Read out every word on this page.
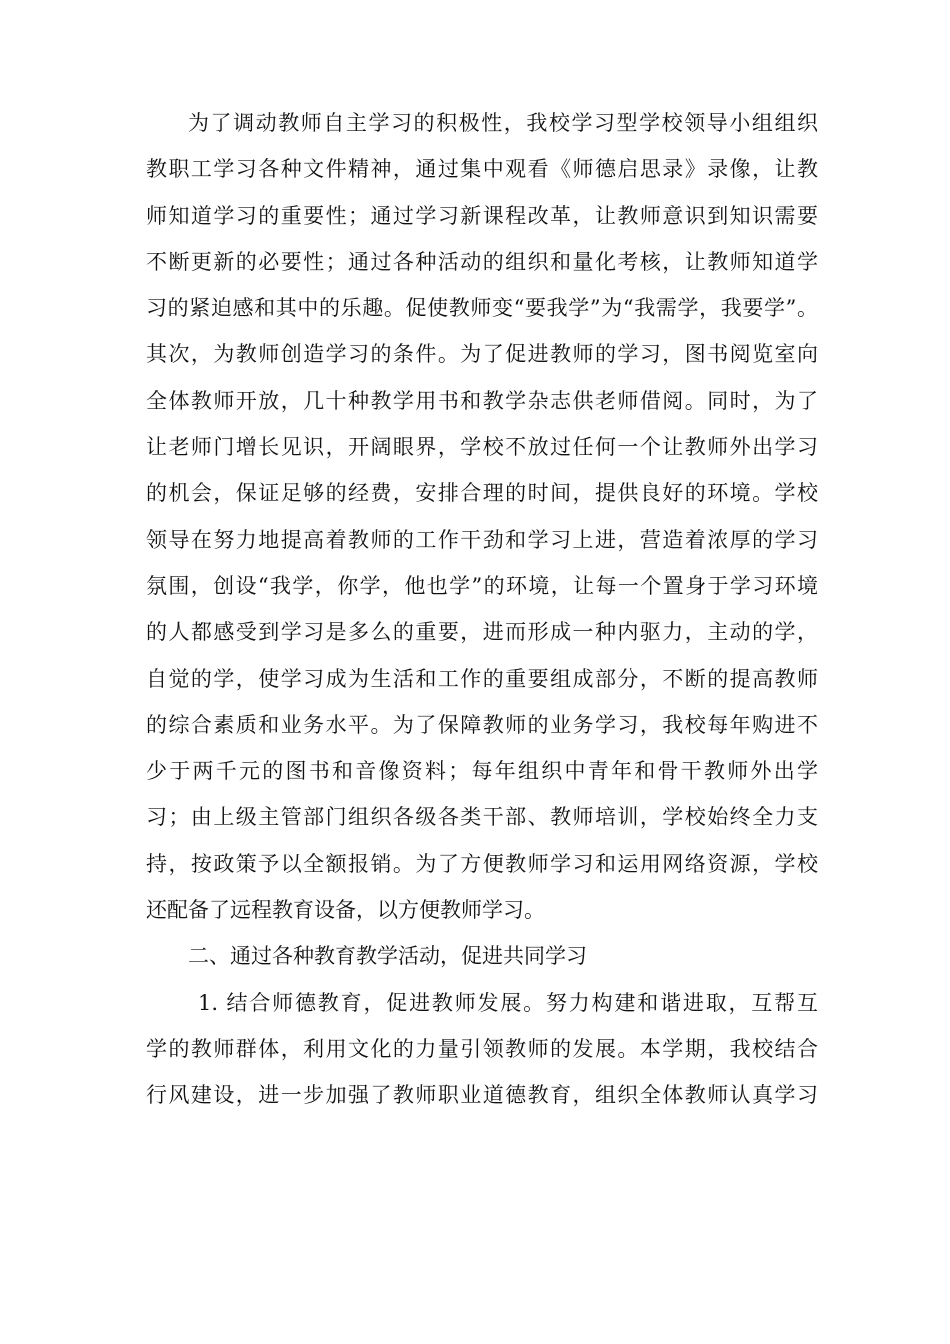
为了调动教师自主学习的积极性，我校学习型学校领导小组组织
教职工学习各种文件精神，通过集中观看《师德启思录》录像，让教
师知道学习的重要性；通过学习新课程改革，让教师意识到知识需要
不断更新的必要性；通过各种活动的组织和量化考核，让教师知道学
习的紧迫感和其中的乐趣。促使教师变“要我学”为“我需学，我要学”。
其次，为教师创造学习的条件。为了促进教师的学习，图书阅览室向
全体教师开放，几十种教学用书和教学杂志供老师借阅。同时，为了
让老师门增长见识，开阔眼界，学校不放过任何一个让教师外出学习
的机会，保证足够的经费，安排合理的时间，提供良好的环境。学校
领导在努力地提高着教师的工作干劲和学习上进，营造着浓厚的学习
氛围，创设“我学，你学，他也学”的环境，让每一个置身于学习环境
的人都感受到学习是多么的重要，进而形成一种内驱力，主动的学，
自觉的学，使学习成为生活和工作的重要组成部分，不断的提高教师
的综合素质和业务水平。为了保障教师的业务学习，我校每年购进不
少于两千元的图书和音像资料；每年组织中青年和骨干教师外出学
习；由上级主管部门组织各级各类干部、教师培训，学校始终全力支
持，按政策予以全额报销。为了方便教师学习和运用网络资源，学校
还配备了远程教育设备，以方便教师学习。
二、通过各种教育教学活动，促进共同学习
1. 结合师德教育，促进教师发展。努力构建和谐进取，互帮互
学的教师群体，利用文化的力量引领教师的发展。本学期，我校结合
行风建设，进一步加强了教师职业道德教育，组织全体教师认真学习
